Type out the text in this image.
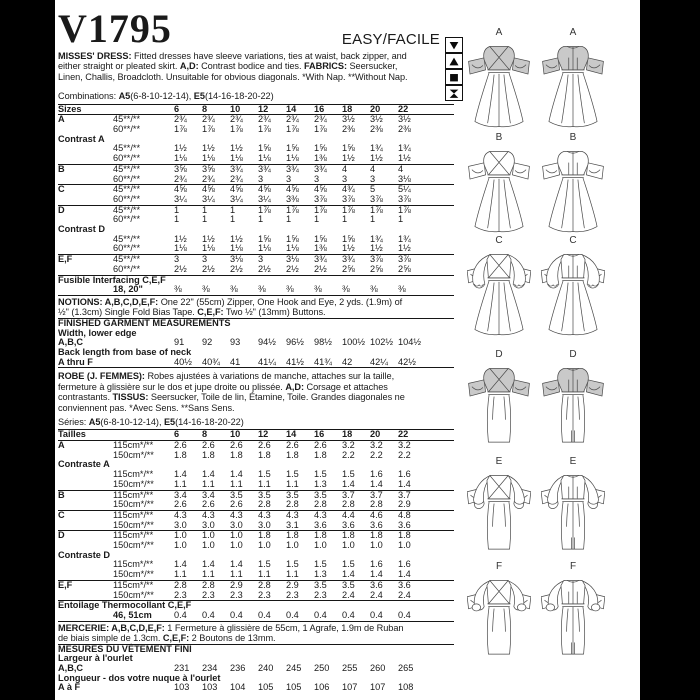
V1795	EASY/FACILE
MISSES' DRESS: Fitted dresses have sleeve variations, ties at waist, back zipper, and
either straight or pleated skirt. A,D: Contrast bodice and ties. FABRICS: Seersucker,
Linen, Challis, Broadcloth. Unsuitable for obvious diagonals. *With Nap. **Without Nap.
Combinations: A5(6-8-10-12-14), E5(14-16-18-20-22)
Sizes	6	8	10	12	14	16	18	20	22
A	45**/**	2¾	2¾	2¾	2¾	2¾	2¾	3½	3½	3½
60**/**	1⅞	1⅞	1⅞	1⅞	1⅞	1⅞	2⅜	2⅜	2⅜
Contrast A
45**/**	1½	1½	1½	1⅝	1⅝	1⅝	1⅝	1¾	1¾
60**/**	1⅛	1⅛	1⅛	1⅛	1⅛	1⅜	1½	1½	1½
B	45**/**	3⅝	3⅝	3¾	3¾	3¾	3¾	4	4	4
60**/**	2¾	2¾	2¾	3	3	3	3	3	3⅛
C	45**/**	4⅝	4⅝	4⅝	4⅝	4⅝	4⅝	4¾	5	5¼
60**/**	3¼	3¼	3¼	3¼	3⅜	3⅞	3⅞	3⅞	3⅞
D	45**/**	1	1	1	1⅞	1⅞	1⅞	1⅞	1⅞	1⅞
60**/**	1	1	1	1	1	1	1	1	1
Contrast D
45**/**	1½	1½	1½	1⅝	1⅝	1⅝	1⅝	1¾	1¾
60**/**	1⅛	1⅛	1⅛	1⅛	1⅛	1⅜	1½	1½	1½
E,F	45**/**	3	3	3⅛	3	3⅛	3¾	3¾	3⅞	3⅞
60**/**	2½	2½	2½	2½	2½	2½	2⅝	2⅝	2⅝
Fusible Interfacing C,E,F
18, 20"	⅜	⅜	⅜	⅜	⅜	⅜	⅜	⅜	⅜
NOTIONS: A,B,C,D,E,F: One 22" (55cm) Zipper, One Hook and Eye, 2 yds. (1.9m) of
½" (1.3cm) Single Fold Bias Tape. C,E,F: Two ½" (13mm) Buttons.
FINISHED GARMENT MEASUREMENTS
Width, lower edge
A,B,C	91	92	93	94½	96½	98½	100½ 102½ 104½
Back length from base of neck
A thru F	40½	40¾	41	41¼	41½	41¾	42	42¼	42½
ROBE (J. FEMMES): Robes ajustées à variations de manche, attaches sur la taille,
fermeture à glissière sur le dos et jupe droite ou plissée. A,D: Corsage et attaches
contrastants. TISSUS: Seersucker, Toile de lin, Étamine, Toile. Grandes diagonales ne
conviennent pas. *Avec Sens. **Sans Sens.
Séries: A5(6-8-10-12-14), E5(14-16-18-20-22)
Tailles	6	8	10	12	14	16	18	20	22
A	115cm*/**	2.6	2.6	2.6	2.6	2.6	2.6	3.2	3.2	3.2
150cm*/**	1.8	1.8	1.8	1.8	1.8	1.8	2.2	2.2	2.2
Contraste A
115cm*/**	1.4	1.4	1.4	1.5	1.5	1.5	1.5	1.6	1.6
150cm*/**	1.1	1.1	1.1	1.1	1.1	1.3	1.4	1.4	1.4
B	115cm*/**	3.4	3.4	3.5	3.5	3.5	3.5	3.7	3.7	3.7
150cm*/**	2.6	2.6	2.6	2.8	2.8	2.8	2.8	2.8	2.9
C	115cm*/**	4.3	4.3	4.3	4.3	4.3	4.3	4.4	4.6	4.8
150cm*/**	3.0	3.0	3.0	3.0	3.1	3.6	3.6	3.6	3.6
D	115cm*/**	1.0	1.0	1.0	1.8	1.8	1.8	1.8	1.8	1.8
150cm*/**	1.0	1.0	1.0	1.0	1.0	1.0	1.0	1.0	1.0
Contraste D
115cm*/**	1.4	1.4	1.4	1.5	1.5	1.5	1.5	1.6	1.6
150cm*/**	1.1	1.1	1.1	1.1	1.1	1.3	1.4	1.4	1.4
E,F	115cm*/**	2.8	2.8	2.9	2.8	2.9	3.5	3.5	3.6	3.6
150cm*/**	2.3	2.3	2.3	2.3	2.3	2.3	2.4	2.4	2.4
Entoilage Thermocollant C,E,F
46, 51cm	0.4	0.4	0.4	0.4	0.4	0.4	0.4	0.4	0.4
MERCERIE: A,B,C,D,E,F: 1 Fermeture à glissière de 55cm, 1 Agrafe, 1.9m de Ruban
de biais simple de 1.3cm. C,E,F: 2 Boutons de 13mm.
MESURES DU VÊTEMENT FINI
Largeur à l'ourlet
A,B,C	231	234	236	240	245	250	255	260	265
Longueur - dos votre nuque à l'ourlet
A à F	103	103	104	105	105	106	107	107	108
A	A
B	B
C	C
D	D
E	E
F	F
